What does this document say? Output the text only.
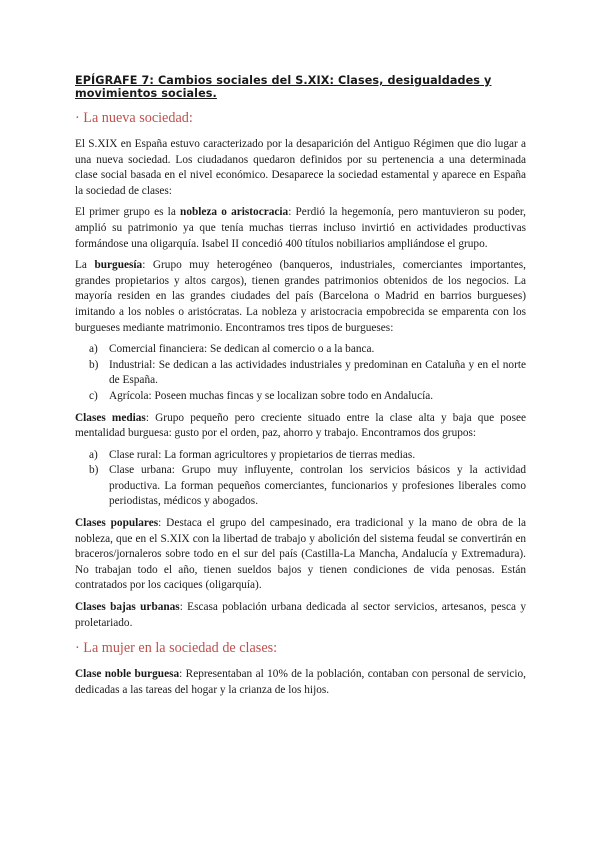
EPÍGRAFE 7: Cambios sociales del S.XIX: Clases, desigualdades y movimientos sociales.
· La nueva sociedad:

El S.XIX en España estuvo caracterizado por la desaparición del Antiguo Régimen que dio lugar a una nueva sociedad. Los ciudadanos quedaron definidos por su pertenencia a una determinada clase social basada en el nivel económico. Desaparece la sociedad estamental y aparece en España la sociedad de clases:

El primer grupo es la nobleza o aristocracia: Perdió la hegemonía, pero mantuvieron su poder, amplió su patrimonio ya que tenía muchas tierras incluso invirtió en actividades productivas formándose una oligarquía. Isabel II concedió 400 títulos nobiliarios ampliándose el grupo.

La burguesía: Grupo muy heterogéneo (banqueros, industriales, comerciantes importantes, grandes propietarios y altos cargos), tienen grandes patrimonios obtenidos de los negocios. La mayoría residen en las grandes ciudades del país (Barcelona o Madrid en barrios burgueses) imitando a los nobles o aristócratas. La nobleza y aristocracia empobrecida se emparenta con los burgueses mediante matrimonio. Encontramos tres tipos de burgueses:

a) Comercial financiera: Se dedican al comercio o a la banca.
b) Industrial: Se dedican a las actividades industriales y predominan en Cataluña y en el norte de España.
c) Agrícola: Poseen muchas fincas y se localizan sobre todo en Andalucía.

Clases medias: Grupo pequeño pero creciente situado entre la clase alta y baja que posee mentalidad burguesa: gusto por el orden, paz, ahorro y trabajo. Encontramos dos grupos:

a) Clase rural: La forman agricultores y propietarios de tierras medias.
b) Clase urbana: Grupo muy influyente, controlan los servicios básicos y la actividad productiva. La forman pequeños comerciantes, funcionarios y profesiones liberales como periodistas, médicos y abogados.

Clases populares: Destaca el grupo del campesinado, era tradicional y la mano de obra de la nobleza, que en el S.XIX con la libertad de trabajo y abolición del sistema feudal se convertirán en braceros/jornaleros sobre todo en el sur del país (Castilla-La Mancha, Andalucía y Extremadura). No trabajan todo el año, tienen sueldos bajos y tienen condiciones de vida penosas. Están contratados por los caciques (oligarquía).

Clases bajas urbanas: Escasa población urbana dedicada al sector servicios, artesanos, pesca y proletariado.

· La mujer en la sociedad de clases:

Clase noble burguesa: Representaban al 10% de la población, contaban con personal de servicio, dedicadas a las tareas del hogar y la crianza de los hijos.
